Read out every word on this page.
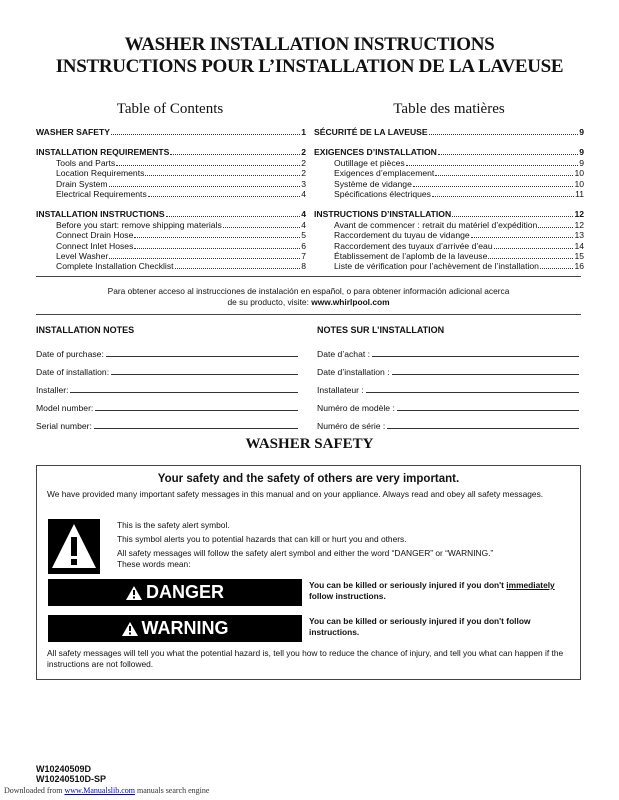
WASHER INSTALLATION INSTRUCTIONS
INSTRUCTIONS POUR L’INSTALLATION DE LA LAVEUSE
Table of Contents	Table des matières
WASHER SAFETY	1
INSTALLATION REQUIREMENTS	2
Tools and Parts	2
Location Requirements	2
Drain System	3
Electrical Requirements	4
INSTALLATION INSTRUCTIONS	4
Before you start: remove shipping materials	4
Connect Drain Hose	5
Connect Inlet Hoses	6
Level Washer	7
Complete Installation Checklist	8
SÉCURITÉ DE LA LAVEUSE	9
EXIGENCES D’INSTALLATION	9
Outillage et pièces	9
Exigences d’emplacement	10
Système de vidange	10
Spécifications électriques	11
INSTRUCTIONS D’INSTALLATION	12
Avant de commencer : retrait du matériel d’expédition	12
Raccordement du tuyau de vidange	13
Raccordement des tuyaux d’arrivée d’eau	14
Établissement de l’aplomb de la laveuse	15
Liste de vérification pour l’achèvement de l’installation	16
Para obtener acceso al instrucciones de instalación en español, o para obtener información adicional acerca
de su producto, visite: www.whirlpool.com
INSTALLATION NOTES
Date of purchase:
Date of installation:
Installer:
Model number:
Serial number:
NOTES SUR L’INSTALLATION
Date d’achat :
Date d’installation :
Installateur :
Numéro de modèle :
Numéro de série :
WASHER SAFETY
Your safety and the safety of others are very important.
We have provided many important safety messages in this manual and on your appliance. Always read and obey all safety messages.
This is the safety alert symbol.
This symbol alerts you to potential hazards that can kill or hurt you and others.
All safety messages will follow the safety alert symbol and either the word “DANGER” or “WARNING.”
These words mean:
DANGER	You can be killed or seriously injured if you don't immediately follow instructions.
WARNING	You can be killed or seriously injured if you don't follow instructions.
All safety messages will tell you what the potential hazard is, tell you how to reduce the chance of injury, and tell you what can happen if the instructions are not followed.
W10240509D
W10240510D-SP
Downloaded from www.Manualslib.com manuals search engine
